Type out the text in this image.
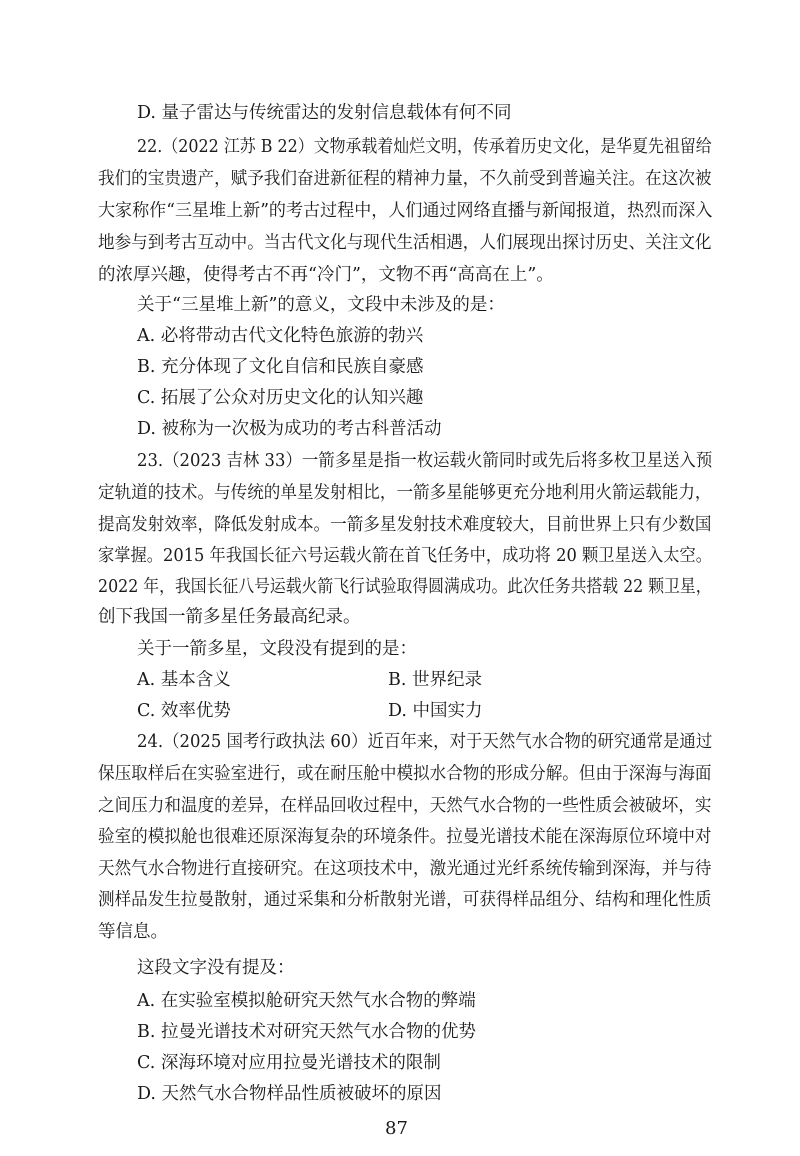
D. 量子雷达与传统雷达的发射信息载体有何不同
22.（2022 江苏 B 22）文物承载着灿烂文明，传承着历史文化，是华夏先祖留给
我们的宝贵遗产，赋予我们奋进新征程的精神力量，不久前受到普遍关注。在这次被
大家称作“三星堆上新”的考古过程中，人们通过网络直播与新闻报道，热烈而深入
地参与到考古互动中。当古代文化与现代生活相遇，人们展现出探讨历史、关注文化
的浓厚兴趣，使得考古不再“冷门”，文物不再“高高在上”。
关于“三星堆上新”的意义，文段中未涉及的是：
A. 必将带动古代文化特色旅游的勃兴
B. 充分体现了文化自信和民族自豪感
C. 拓展了公众对历史文化的认知兴趣
D. 被称为一次极为成功的考古科普活动
23.（2023 吉林 33）一箭多星是指一枚运载火箭同时或先后将多枚卫星送入预
定轨道的技术。与传统的单星发射相比，一箭多星能够更充分地利用火箭运载能力，
提高发射效率，降低发射成本。一箭多星发射技术难度较大，目前世界上只有少数国
家掌握。2015 年我国长征六号运载火箭在首飞任务中，成功将 20 颗卫星送入太空。
2022 年，我国长征八号运载火箭飞行试验取得圆满成功。此次任务共搭载 22 颗卫星，
创下我国一箭多星任务最高纪录。
关于一箭多星，文段没有提到的是：
A. 基本含义	B. 世界纪录
C. 效率优势	D. 中国实力
24.（2025 国考行政执法 60）近百年来，对于天然气水合物的研究通常是通过
保压取样后在实验室进行，或在耐压舱中模拟水合物的形成分解。但由于深海与海面
之间压力和温度的差异，在样品回收过程中，天然气水合物的一些性质会被破坏，实
验室的模拟舱也很难还原深海复杂的环境条件。拉曼光谱技术能在深海原位环境中对
天然气水合物进行直接研究。在这项技术中，激光通过光纤系统传输到深海，并与待
测样品发生拉曼散射，通过采集和分析散射光谱，可获得样品组分、结构和理化性质
等信息。
这段文字没有提及：
A. 在实验室模拟舱研究天然气水合物的弊端
B. 拉曼光谱技术对研究天然气水合物的优势
C. 深海环境对应用拉曼光谱技术的限制
D. 天然气水合物样品性质被破坏的原因
87
